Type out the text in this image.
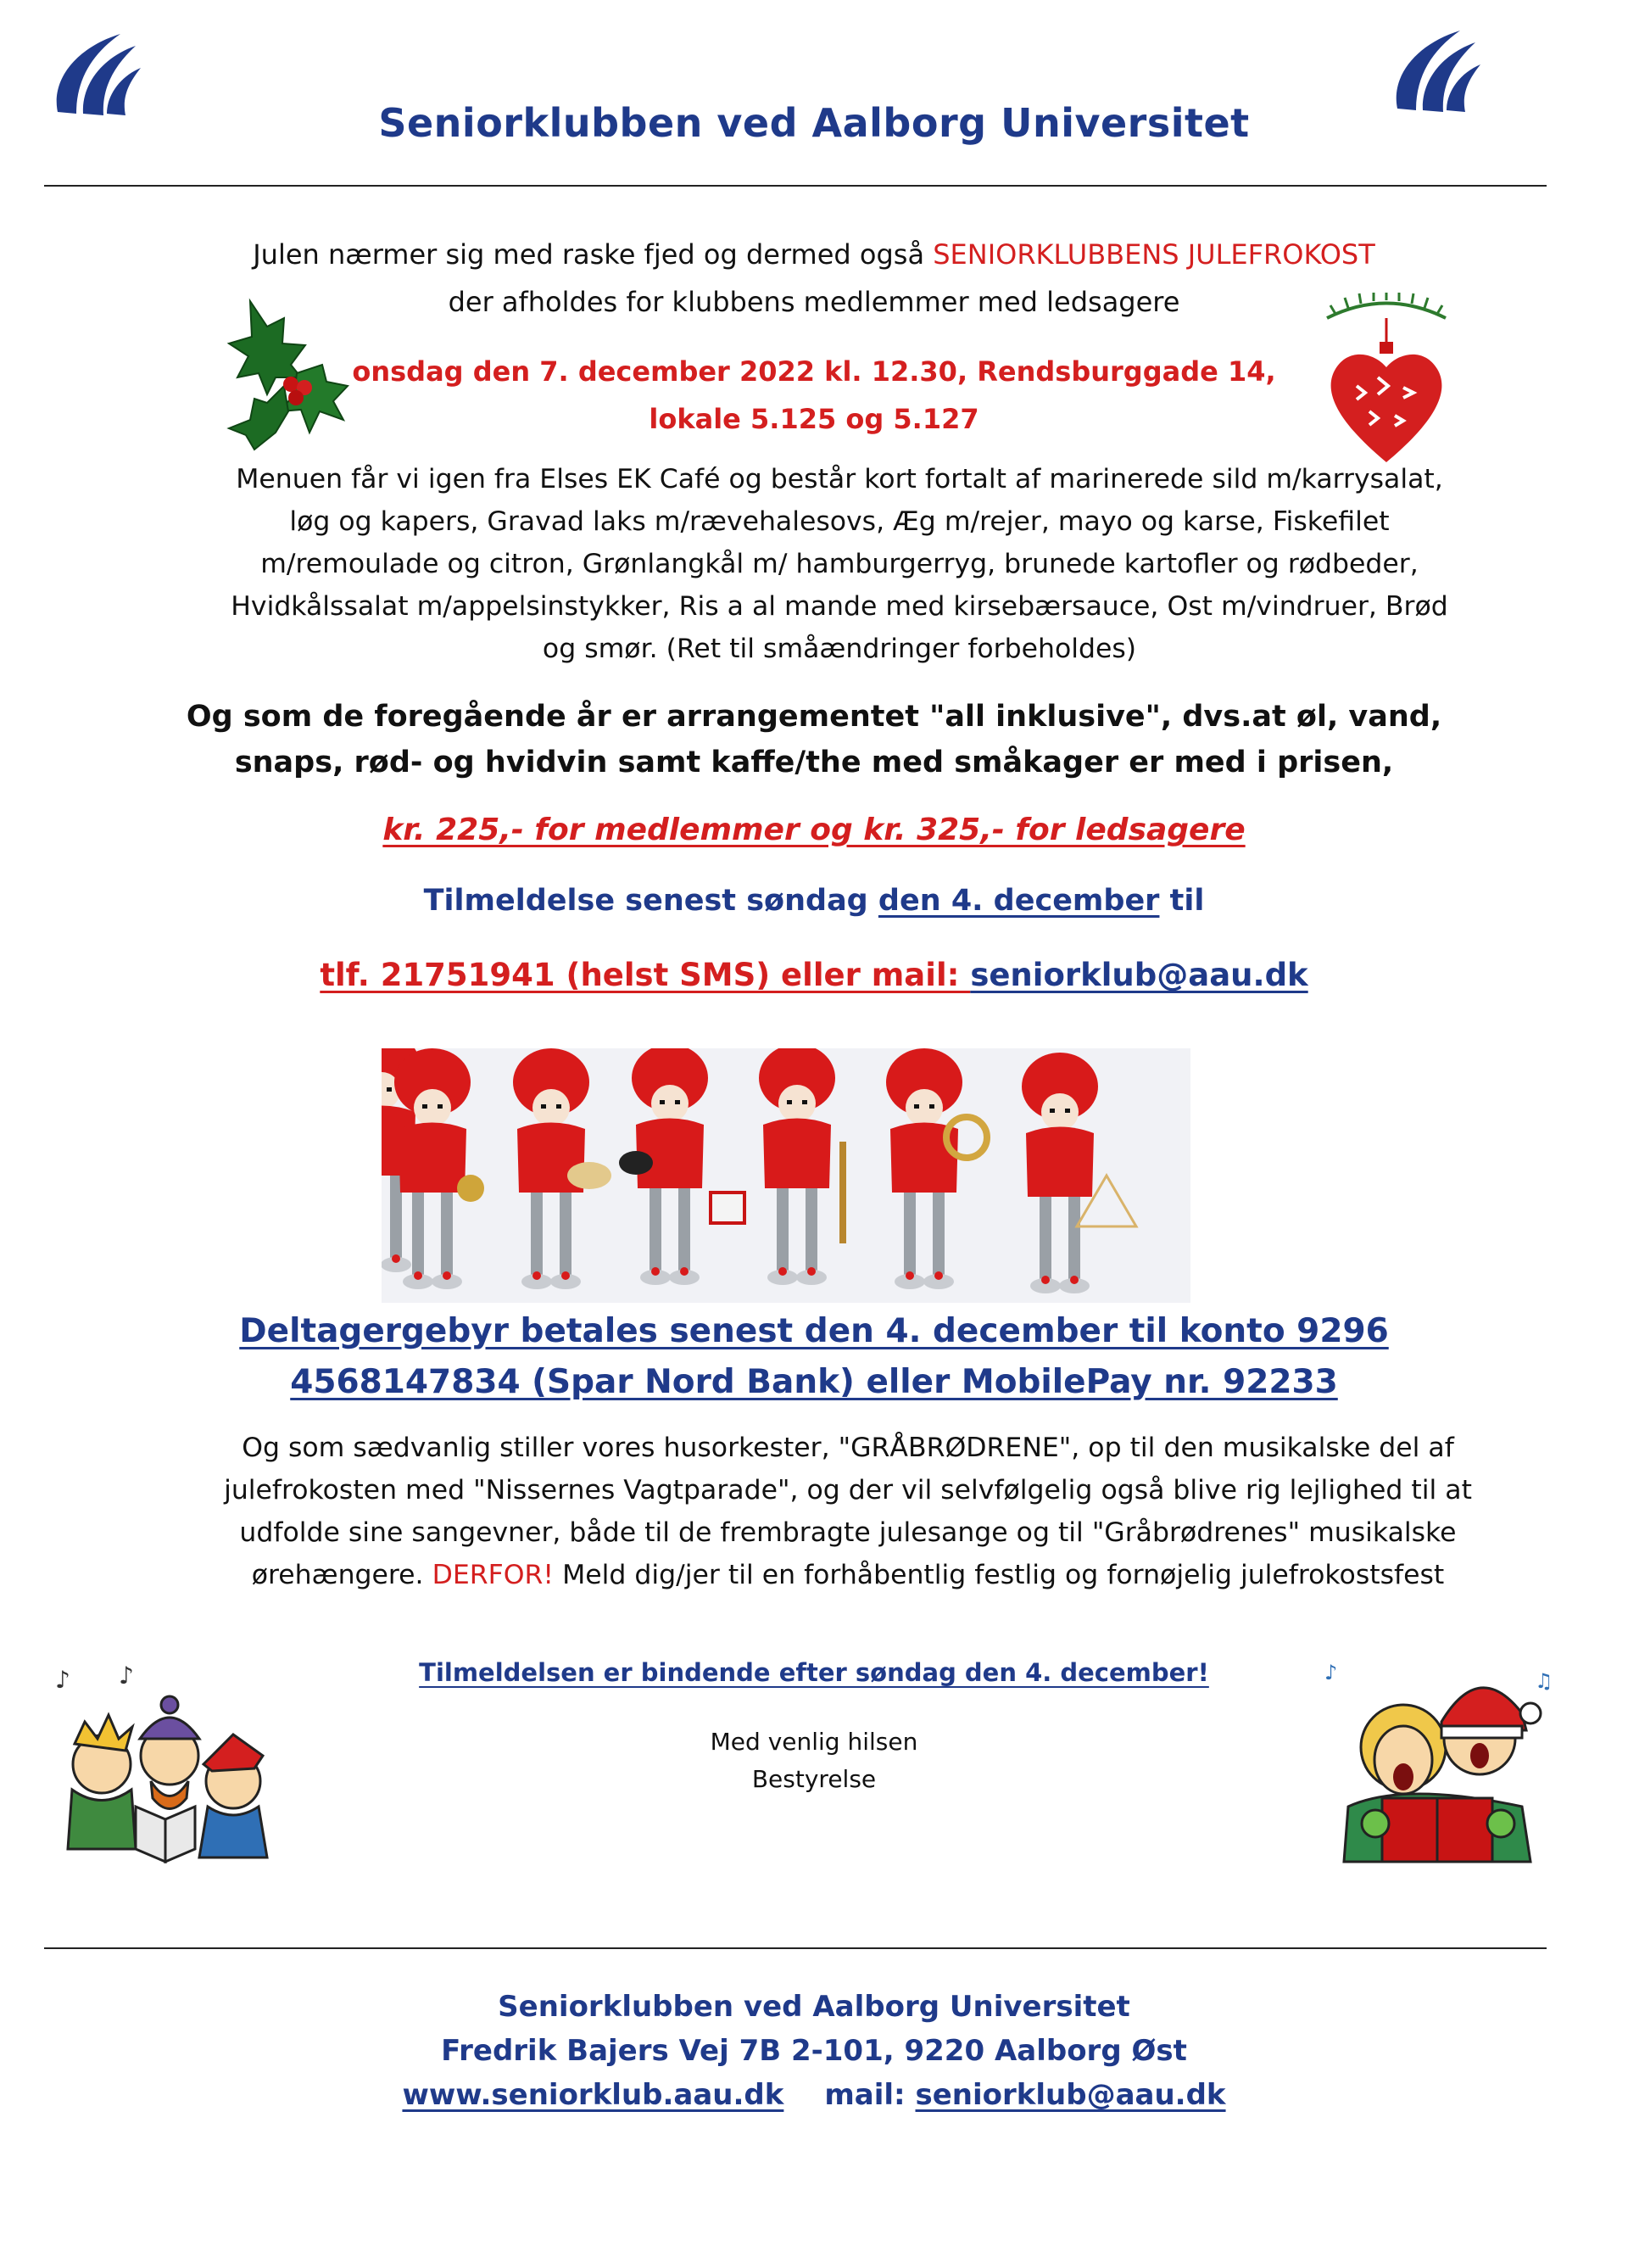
Seniorklubben ved Aalborg Universitet
Julen nærmer sig med raske fjed og dermed også SENIORKLUBBENS JULEFROKOST
der afholdes for klubbens medlemmer med ledsagere
onsdag den 7. december 2022 kl. 12.30, Rendsburggade 14,
lokale 5.125 og 5.127
Menuen får vi igen fra Elses EK Café og består kort fortalt af marinerede sild m/karrysalat, løg og kapers, Gravad laks m/rævehalesovs, Æg m/rejer, mayo og karse, Fiskefilet m/remoulade og citron, Grønlangkål m/ hamburgerryg, brunede kartofler og rødbeder, Hvidkålssalat m/appelsinstykker, Ris a al mande med kirsebærsauce, Ost m/vindruer, Brød og smør. (Ret til småændringer forbeholdes)
Og som de foregående år er arrangementet "all inklusive", dvs.at øl, vand,
snaps, rød- og hvidvin samt kaffe/the med småkager er med i prisen,
kr. 225,- for medlemmer og kr. 325,- for ledsagere
Tilmeldelse senest søndag den 4. december til
tlf. 21751941 (helst SMS) eller mail: seniorklub@aau.dk
Deltagergebyr betales senest den 4. december til konto 9296
4568147834 (Spar Nord Bank) eller MobilePay nr. 92233
Og som sædvanlig stiller vores husorkester, "GRÅBRØDRENE", op til den musikalske del af julefrokosten med "Nissernes Vagtparade", og der vil selvfølgelig også blive rig lejlighed til at udfolde sine sangevner, både til de frembragte julesange og til "Gråbrødrenes" musikalske ørehængere. DERFOR! Meld dig/jer til en forhåbentlig festlig og fornøjelig julefrokostsfest
Tilmeldelsen er bindende efter søndag den 4. december!
♪ ♪
Med venlig hilsen
Bestyrelse
♪	♫
Seniorklubben ved Aalborg Universitet
Fredrik Bajers Vej 7B 2-101, 9220 Aalborg Øst
www.seniorklub.aau.dk mail: seniorklub@aau.dk
